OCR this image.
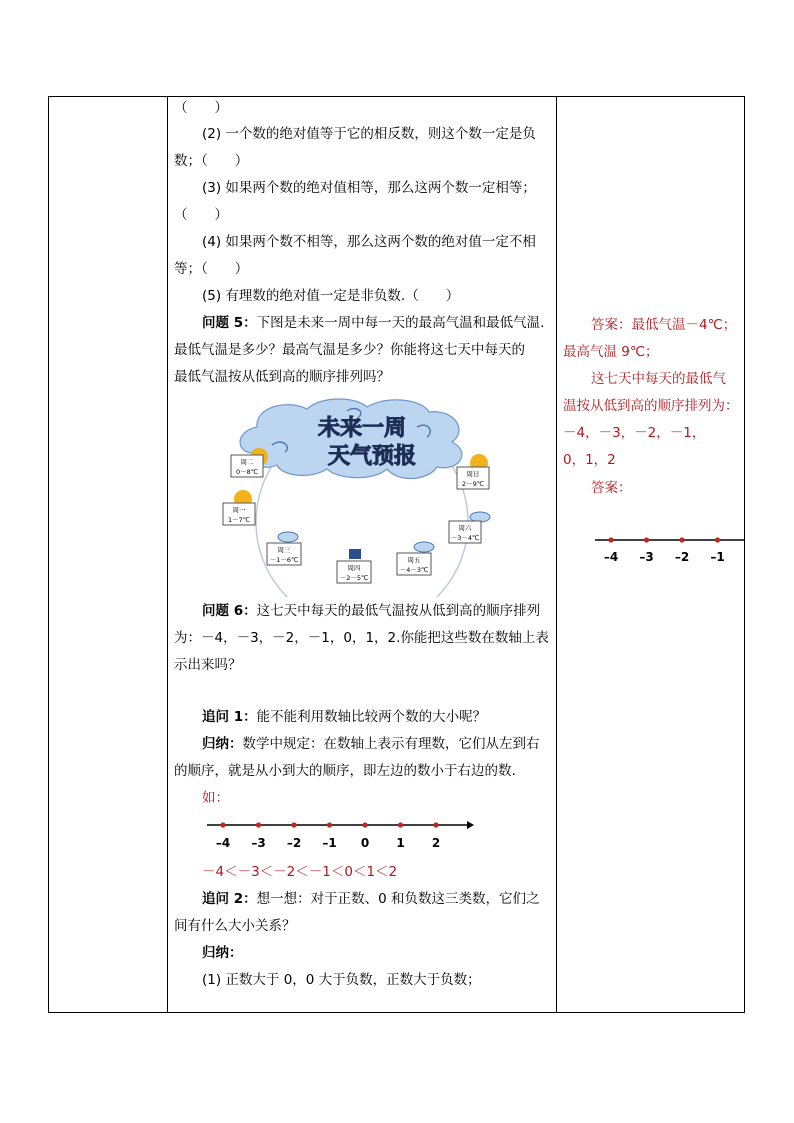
（　　）
(2) 一个数的绝对值等于它的相反数，则这个数一定是负
数；（　　）
(3) 如果两个数的绝对值相等，那么这两个数一定相等；
（　　）
(4) 如果两个数不相等，那么这两个数的绝对值一定不相
等；（　　）
(5) 有理数的绝对值一定是非负数.（　　）
问题 5：下图是未来一周中每一天的最高气温和最低气温.
最低气温是多少？最高气温是多少？你能将这七天中每天的
最低气温按从低到高的顺序排列吗？
未来一周
天气预报
周二
0－8℃	周日
2－9℃
周一
1－7℃
周六
－3－4℃
周三
－1－6℃	周五
－4－3℃
周四
－2－5℃
问题 6：这七天中每天的最低气温按从低到高的顺序排列
为：－4，－3，－2，－1，0，1，2.你能把这些数在数轴上表
示出来吗？
追问 1：能不能利用数轴比较两个数的大小呢？
归纳：数学中规定：在数轴上表示有理数，它们从左到右
的顺序，就是从小到大的顺序，即左边的数小于右边的数.
如：
–4 –3 –2 –1 0 1 2
－4＜－3＜－2＜－1＜0＜1＜2
追问 2：想一想：对于正数、0 和负数这三类数，它们之
间有什么大小关系？
归纳：
(1) 正数大于 0，0 大于负数，正数大于负数；
答案：最低气温－4℃；
最高气温 9℃；
这七天中每天的最低气
温按从低到高的顺序排列为：
－4，－3，－2，－1，
0，1，2
答案：
–4 –3 –2 –1
